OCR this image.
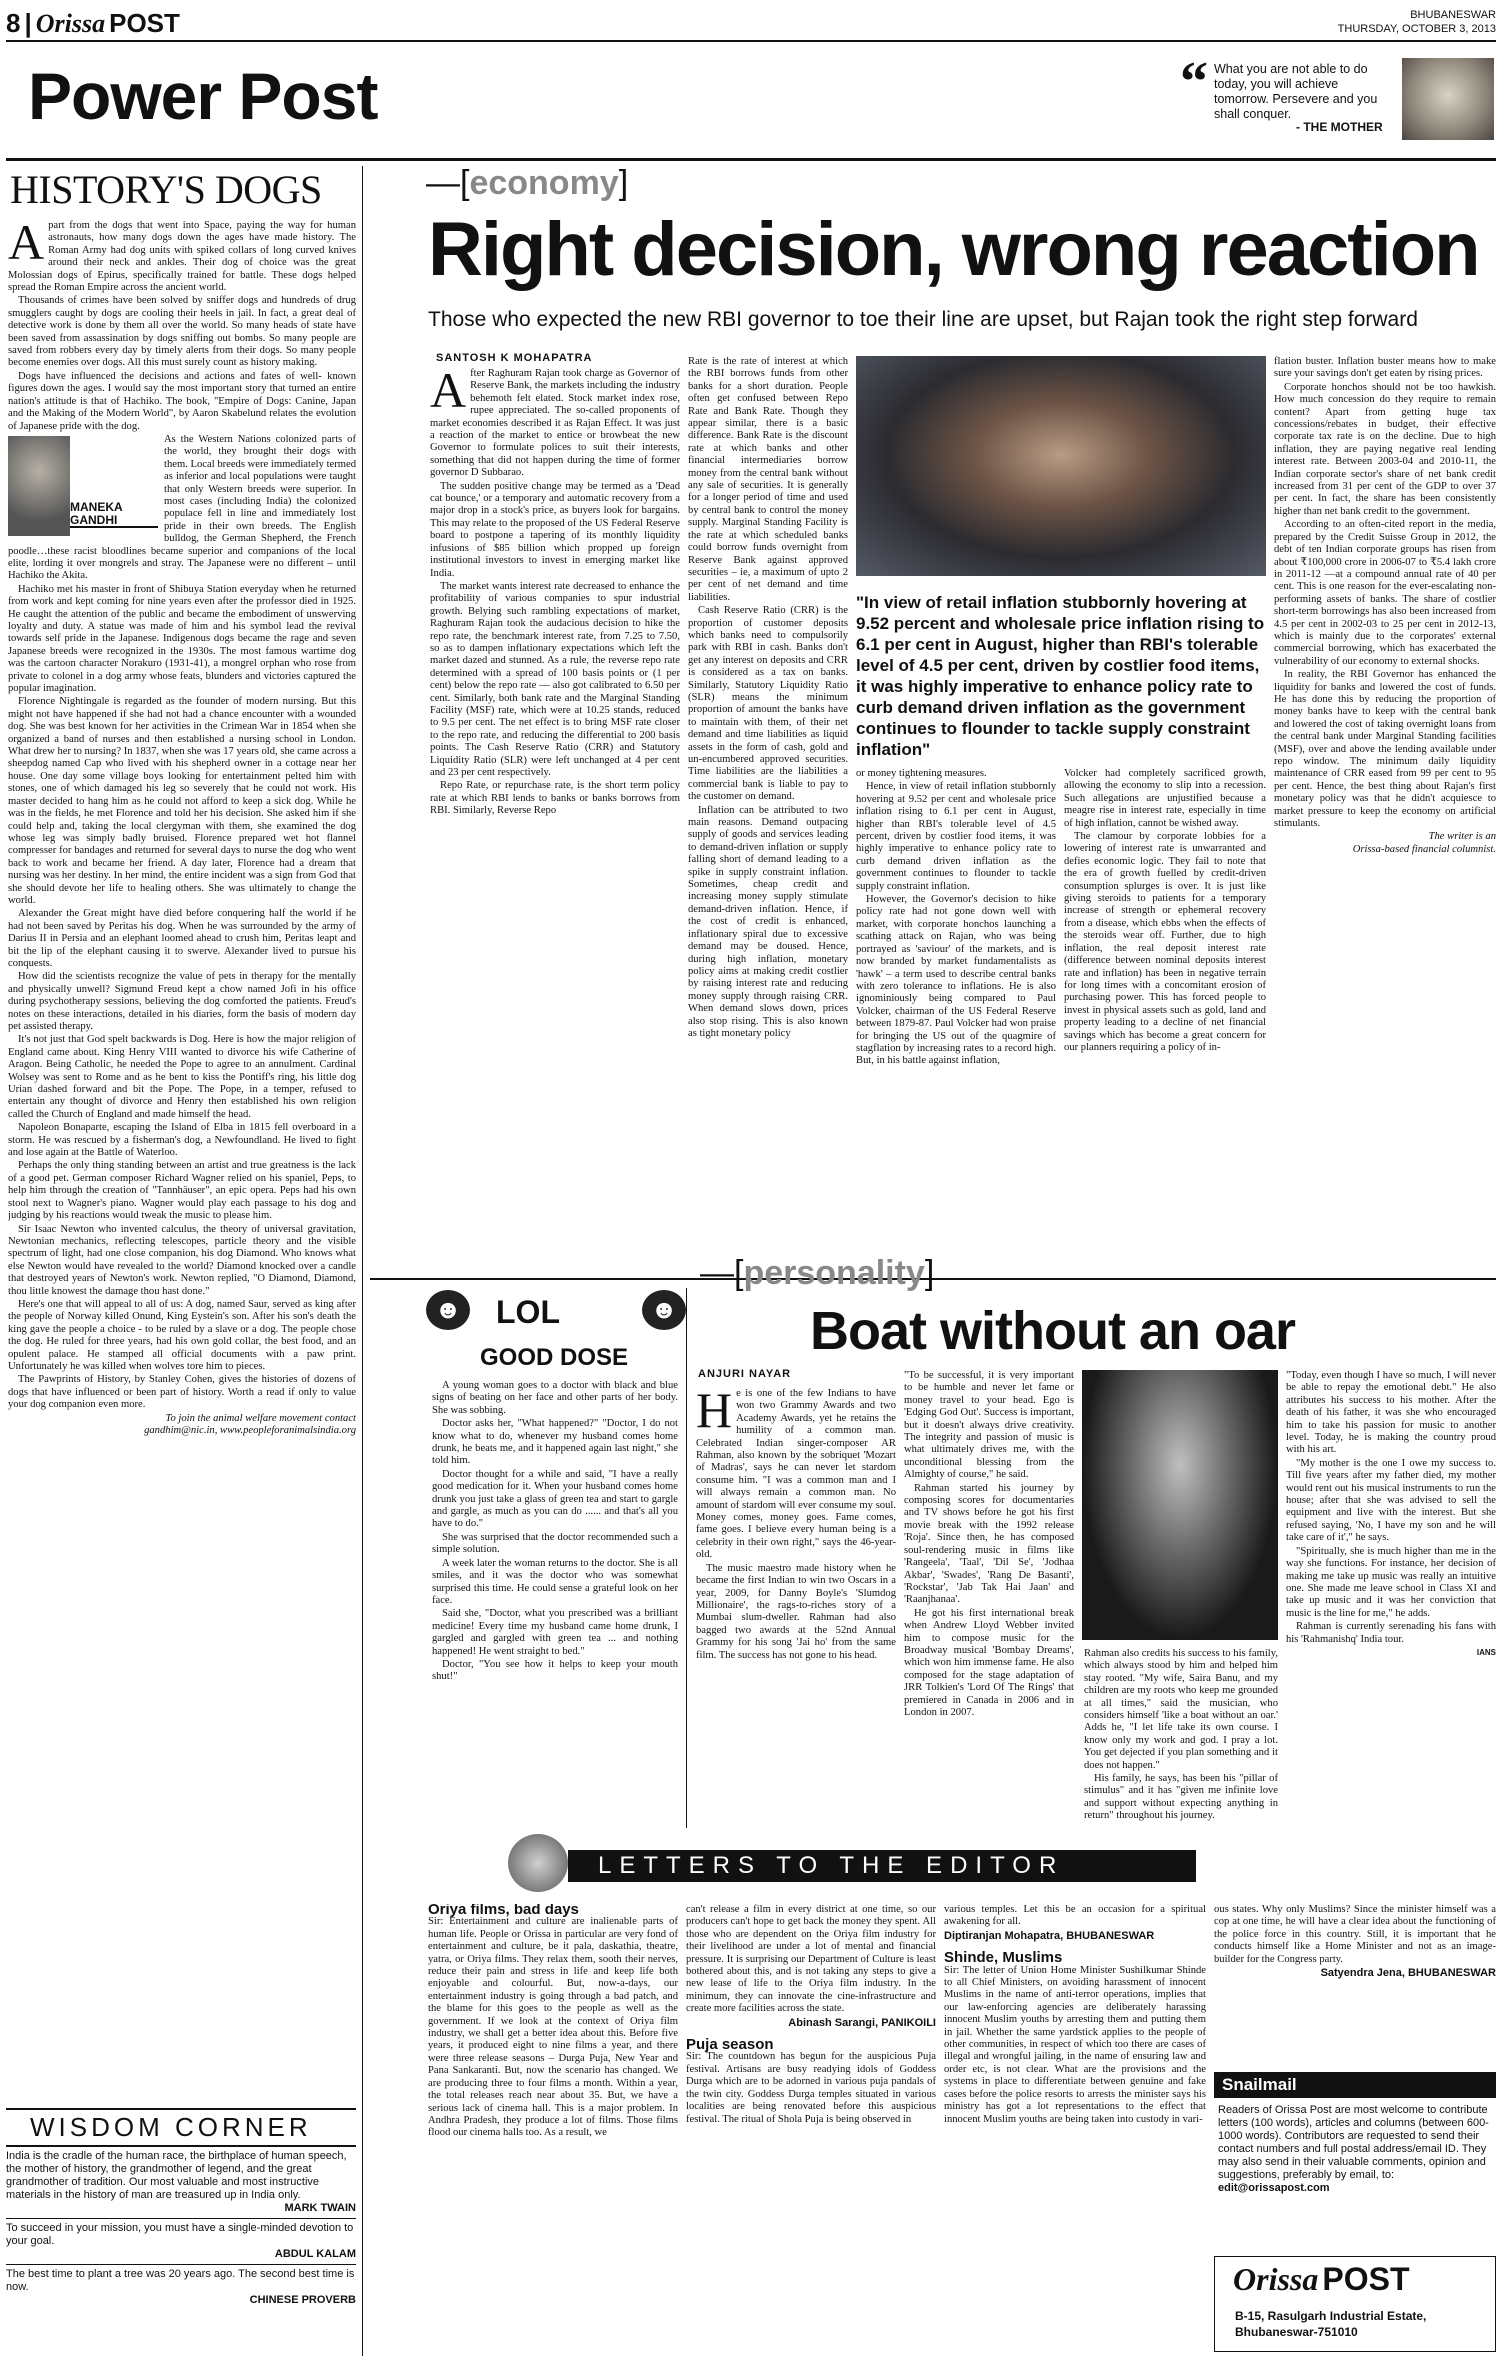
8 | Orissa POST	BHUBANESWAR
THURSDAY, OCTOBER 3, 2013
Power Post	“ What you are not able to do today, you will achieve tomorrow. Persevere and you shall conquer.
- THE MOTHER
HISTORY'S DOGS

Apart from the dogs that went into Space, paying the way for human astronauts, how many dogs down the ages have made history. The Roman Army had dog units with spiked collars of long curved knives around their neck and ankles. Their dog of choice was the great Molossian dogs of Epirus, specifically trained for battle. These dogs helped spread the Roman Empire across the ancient world.

Thousands of crimes have been solved by sniffer dogs and hundreds of drug smugglers caught by dogs are cooling their heels in jail. In fact, a great deal of detective work is done by them all over the world. So many heads of state have been saved from assassination by dogs sniffing out bombs. So many people are saved from robbers every day by timely alerts from their dogs. So many people become enemies over dogs. All this must surely count as history making.

Dogs have influenced the decisions and actions and fates of well- known figures down the ages. I would say the most important story that turned an entire nation's attitude is that of Hachiko. The book, "Empire of Dogs: Canine, Japan and the Making of the Modern World", by Aaron Skabelund relates the evolution of Japanese pride with the dog.

MANEKA GANDHI

As the Western Nations colonized parts of the world, they brought their dogs with them. Local breeds were immediately termed as inferior and local populations were taught that only Western breeds were superior. In most cases (including India) the colonized populace fell in line and immediately lost pride in their own breeds. The English bulldog, the German Shepherd, the French poodle…these racist bloodlines became superior and companions of the local elite, lording it over mongrels and stray. The Japanese were no different – until Hachiko the Akita.

Hachiko met his master in front of Shibuya Station everyday when he returned from work and kept coming for nine years even after the professor died in 1925. He caught the attention of the public and became the embodiment of unswerving loyalty and duty. A statue was made of him and his symbol lead the revival towards self pride in the Japanese. Indigenous dogs became the rage and seven Japanese breeds were recognized in the 1930s. The most famous wartime dog was the cartoon character Norakuro (1931-41), a mongrel orphan who rose from private to colonel in a dog army whose feats, blunders and victories captured the popular imagination.

Florence Nightingale is regarded as the founder of modern nursing. But this might not have happened if she had not had a chance encounter with a wounded dog. She was best known for her activities in the Crimean War in 1854 when she organized a band of nurses and then established a nursing school in London. What drew her to nursing? In 1837, when she was 17 years old, she came across a sheepdog named Cap who lived with his shepherd owner in a cottage near her house. One day some village boys looking for entertainment pelted him with stones, one of which damaged his leg so severely that he could not work. His master decided to hang him as he could not afford to keep a sick dog. While he was in the fields, he met Florence and told her his decision. She asked him if she could help and, taking the local clergyman with them, she examined the dog whose leg was simply badly bruised. Florence prepared wet hot flannel compresser for bandages and returned for several days to nurse the dog who went back to work and became her friend. A day later, Florence had a dream that nursing was her destiny. In her mind, the entire incident was a sign from God that she should devote her life to healing others. She was ultimately to change the world.

Alexander the Great might have died before conquering half the world if he had not been saved by Peritas his dog. When he was surrounded by the army of Darius II in Persia and an elephant loomed ahead to crush him, Peritas leapt and bit the lip of the elephant causing it to swerve. Alexander lived to pursue his conquests.

How did the scientists recognize the value of pets in therapy for the mentally and physically unwell? Sigmund Freud kept a chow named Jofi in his office during psychotherapy sessions, believing the dog comforted the patients. Freud's notes on these interactions, detailed in his diaries, form the basis of modern day pet assisted therapy.

It's not just that God spelt backwards is Dog. Here is how the major religion of England came about. King Henry VIII wanted to divorce his wife Catherine of Aragon. Being Catholic, he needed the Pope to agree to an annulment. Cardinal Wolsey was sent to Rome and as he bent to kiss the Pontiff's ring, his little dog Urian dashed forward and bit the Pope. The Pope, in a temper, refused to entertain any thought of divorce and Henry then established his own religion called the Church of England and made himself the head.

Napoleon Bonaparte, escaping the Island of Elba in 1815 fell overboard in a storm. He was rescued by a fisherman's dog, a Newfoundland. He lived to fight and lose again at the Battle of Waterloo.

Perhaps the only thing standing between an artist and true greatness is the lack of a good pet. German composer Richard Wagner relied on his spaniel, Peps, to help him through the creation of "Tannhäuser", an epic opera. Peps had his own stool next to Wagner's piano. Wagner would play each passage to his dog and judging by his reactions would tweak the music to please him.

Sir Isaac Newton who invented calculus, the theory of universal gravitation, Newtonian mechanics, reflecting telescopes, particle theory and the visible spectrum of light, had one close companion, his dog Diamond. Who knows what else Newton would have revealed to the world? Diamond knocked over a candle that destroyed years of Newton's work. Newton replied, "O Diamond, Diamond, thou little knowest the damage thou hast done."

Here's one that will appeal to all of us: A dog, named Saur, served as king after the people of Norway killed Onund, King Eystein's son. After his son's death the king gave the people a choice - to be ruled by a slave or a dog. The people chose the dog. He ruled for three years, had his own gold collar, the best food, and an opulent palace. He stamped all official documents with a paw print. Unfortunately he was killed when wolves tore him to pieces.

The Pawprints of History, by Stanley Cohen, gives the histories of dozens of dogs that have influenced or been part of history. Worth a read if only to value your dog companion even more.

To join the animal welfare movement contact
gandhim@nic.in, www.peopleforanimalsindia.org
WISDOM CORNER
India is the cradle of the human race, the birthplace of human speech, the mother of history, the grandmother of legend, and the great grandmother of tradition. Our most valuable and most instructive materials in the history of man are treasured up in India only.
MARK TWAIN
To succeed in your mission, you must have a single-minded devotion to your goal.
ABDUL KALAM
The best time to plant a tree was 20 years ago. The second best time is now.
CHINESE PROVERB
—[economy]
Right decision, wrong reaction
Those who expected the new RBI governor to toe their line are upset, but Rajan took the right step forward
SANTOSH K MOHAPATRA

After Raghuram Rajan took charge as Governor of Reserve Bank, the markets including the industry behemoth felt elated. Stock market index rose, rupee appreciated. The so-called proponents of market economies described it as Rajan Effect. It was just a reaction of the market to entice or browbeat the new Governor to formulate polices to suit their interests, something that did not happen during the time of former governor D Subbarao.

The sudden positive change may be termed as a 'Dead cat bounce,' or a temporary and automatic recovery from a major drop in a stock's price, as buyers look for bargains. This may relate to the proposed of the US Federal Reserve board to postpone a tapering of its monthly liquidity infusions of $85 billion which propped up foreign institutional investors to invest in emerging market like India.

The market wants interest rate decreased to enhance the profitability of various companies to spur industrial growth. Belying such rambling expectations of market, Raghuram Rajan took the audacious decision to hike the repo rate, the benchmark interest rate, from 7.25 to 7.50, so as to dampen inflationary expectations which left the market dazed and stunned. As a rule, the reverse repo rate determined with a spread of 100 basis points or (1 per cent) below the repo rate — also got calibrated to 6.50 per cent. Similarly, both bank rate and the Marginal Standing Facility (MSF) rate, which were at 10.25 stands, reduced to 9.5 per cent. The net effect is to bring MSF rate closer to the repo rate, and reducing the differential to 200 basis points. The Cash Reserve Ratio (CRR) and Statutory Liquidity Ratio (SLR) were left unchanged at 4 per cent and 23 per cent respectively.

Repo Rate, or repurchase rate, is the short term policy rate at which RBI lends to banks or banks borrows from RBI. Similarly, Reverse Repo

Rate is the rate of interest at which the RBI borrows funds from other banks for a short duration. People often get confused between Repo Rate and Bank Rate. Though they appear similar, there is a basic difference. Bank Rate is the discount rate at which banks and other financial intermediaries borrow money from the central bank without any sale of securities. It is generally for a longer period of time and used by central bank to control the money supply. Marginal Standing Facility is the rate at which scheduled banks could borrow funds overnight from Reserve Bank against approved securities – ie, a maximum of upto 2 per cent of net demand and time liabilities.

Cash Reserve Ratio (CRR) is the proportion of customer deposits which banks need to compulsorily park with RBI in cash. Banks don't get any interest on deposits and CRR is considered as a tax on banks. Similarly, Statutory Liquidity Ratio (SLR) means the minimum proportion of amount the banks have to maintain with them, of their net demand and time liabilities as liquid assets in the form of cash, gold and un-encumbered approved securities. Time liabilities are the liabilities a commercial bank is liable to pay to the customer on demand.

Inflation can be attributed to two main reasons. Demand outpacing supply of goods and services leading to demand-driven inflation or supply falling short of demand leading to a spike in supply constraint inflation. Sometimes, cheap credit and increasing money supply stimulate demand-driven inflation. Hence, if the cost of credit is enhanced, inflationary spiral due to excessive demand may be doused. Hence, during high inflation, monetary policy aims at making credit costlier by raising interest rate and reducing money supply through raising CRR. When demand slows down, prices also stop rising. This is also known as tight monetary policy

"In view of retail inflation stubbornly hovering at 9.52 percent and wholesale price inflation rising to 6.1 per cent in August, higher than RBI's tolerable level of 4.5 per cent, driven by costlier food items, it was highly imperative to enhance policy rate to curb demand driven inflation as the government continues to flounder to tackle supply constraint inflation"

or money tightening measures.

Hence, in view of retail inflation stubbornly hovering at 9.52 per cent and wholesale price inflation rising to 6.1 per cent in August, higher than RBI's tolerable level of 4.5 percent, driven by costlier food items, it was highly imperative to enhance policy rate to curb demand driven inflation as the government continues to flounder to tackle supply constraint inflation.

However, the Governor's decision to hike policy rate had not gone down well with market, with corporate honchos launching a scathing attack on Rajan, who was being portrayed as 'saviour' of the markets, and is now branded by market fundamentalists as 'hawk' – a term used to describe central banks with zero tolerance to inflations. He is also ignominiously being compared to Paul Volcker, chairman of the US Federal Reserve between 1879-87. Paul Volcker had won praise for bringing the US out of the quagmire of stagflation by increasing rates to a record high. But, in his battle against inflation,

Volcker had completely sacrificed growth, allowing the economy to slip into a recession. Such allegations are unjustified because a meagre rise in interest rate, especially in time of high inflation, cannot be wished away.

The clamour by corporate lobbies for a lowering of interest rate is unwarranted and defies economic logic. They fail to note that the era of growth fuelled by credit-driven consumption splurges is over. It is just like giving steroids to patients for a temporary increase of strength or ephemeral recovery from a disease, which ebbs when the effects of the steroids wear off. Further, due to high inflation, the real deposit interest rate (difference between nominal deposits interest rate and inflation) has been in negative terrain for long times with a concomitant erosion of purchasing power. This has forced people to invest in physical assets such as gold, land and property leading to a decline of net financial savings which has become a great concern for our planners requiring a policy of in-

flation buster. Inflation buster means how to make sure your savings don't get eaten by rising prices.

Corporate honchos should not be too hawkish. How much concession do they require to remain content? Apart from getting huge tax concessions/rebates in budget, their effective corporate tax rate is on the decline. Due to high inflation, they are paying negative real lending interest rate. Between 2003-04 and 2010-11, the Indian corporate sector's share of net bank credit increased from 31 per cent of the GDP to over 37 per cent. In fact, the share has been consistently higher than net bank credit to the government.

According to an often-cited report in the media, prepared by the Credit Suisse Group in 2012, the debt of ten Indian corporate groups has risen from about ₹100,000 crore in 2006-07 to ₹5.4 lakh crore in 2011-12 —at a compound annual rate of 40 per cent. This is one reason for the ever-escalating non-performing assets of banks. The share of costlier short-term borrowings has also been increased from 4.5 per cent in 2002-03 to 25 per cent in 2012-13, which is mainly due to the corporates' external commercial borrowing, which has exacerbated the vulnerability of our economy to external shocks.

In reality, the RBI Governor has enhanced the liquidity for banks and lowered the cost of funds. He has done this by reducing the proportion of money banks have to keep with the central bank and lowered the cost of taking overnight loans from the central bank under Marginal Standing facilities (MSF), over and above the lending available under repo window. The minimum daily liquidity maintenance of CRR eased from 99 per cent to 95 per cent. Hence, the best thing about Rajan's first monetary policy was that he didn't acquiesce to market pressure to keep the economy on artificial stimulants.

The writer is an
Orissa-based financial columnist.
☻ LOL	☻
GOOD DOSE

A young woman goes to a doctor with black and blue signs of beating on her face and other parts of her body. She was sobbing.

Doctor asks her, "What happened?" "Doctor, I do not know what to do, whenever my husband comes home drunk, he beats me, and it happened again last night," she told him.

Doctor thought for a while and said, "I have a really good medication for it. When your husband comes home drunk you just take a glass of green tea and start to gargle and gargle, as much as you can do ...... and that's all you have to do."

She was surprised that the doctor recommended such a simple solution.

A week later the woman returns to the doctor. She is all smiles, and it was the doctor who was somewhat surprised this time. He could sense a grateful look on her face.

Said she, "Doctor, what you prescribed was a brilliant medicine! Every time my husband came home drunk, I gargled and gargled with green tea ... and nothing happened! He went straight to bed."

Doctor, "You see how it helps to keep your mouth shut!"

—[personality]
Boat without an oar
ANJURI NAYAR

He is one of the few Indians to have won two Grammy Awards and two Academy Awards, yet he retains the humility of a common man. Celebrated Indian singer-composer AR Rahman, also known by the sobriquet 'Mozart of Madras', says he can never let stardom consume him. "I was a common man and I will always remain a common man. No amount of stardom will ever consume my soul. Money comes, money goes. Fame comes, fame goes. I believe every human being is a celebrity in their own right," says the 46-year-old.

The music maestro made history when he became the first Indian to win two Oscars in a year, 2009, for Danny Boyle's 'Slumdog Millionaire', the rags-to-riches story of a Mumbai slum-dweller. Rahman had also bagged two awards at the 52nd Annual Grammy for his song 'Jai ho' from the same film. The success has not gone to his head.

"To be successful, it is very important to be humble and never let fame or money travel to your head. Ego is 'Edging God Out'. Success is important, but it doesn't always drive creativity. The integrity and passion of music is what ultimately drives me, with the unconditional blessing from the Almighty of course," he said.

Rahman started his journey by composing scores for documentaries and TV shows before he got his first movie break with the 1992 release 'Roja'. Since then, he has composed soul-rendering music in films like 'Rangeela', 'Taal', 'Dil Se', 'Jodhaa Akbar', 'Swades', 'Rang De Basanti', 'Rockstar', 'Jab Tak Hai Jaan' and 'Raanjhanaa'.

He got his first international break when Andrew Lloyd Webber invited him to compose music for the Broadway musical 'Bombay Dreams', which won him immense fame. He also composed for the stage adaptation of JRR Tolkien's 'Lord Of The Rings' that premiered in Canada in 2006 and in London in 2007.

Rahman also credits his success to his family, which always stood by him and helped him stay rooted. "My wife, Saira Banu, and my children are my roots who keep me grounded at all times," said the musician, who considers himself 'like a boat without an oar.' Adds he, "I let life take its own course. I know only my work and god. I pray a lot. You get dejected if you plan something and it does not happen."

His family, he says, has been his "pillar of stimulus" and it has "given me infinite love and support without expecting anything in return" throughout his journey.

"Today, even though I have so much, I will never be able to repay the emotional debt." He also attributes his success to his mother. After the death of his father, it was she who encouraged him to take his passion for music to another level. Today, he is making the country proud with his art.

"My mother is the one I owe my success to. Till five years after my father died, my mother would rent out his musical instruments to run the house; after that she was advised to sell the equipment and live with the interest. But she refused saying, 'No, I have my son and he will take care of it'," he says.

"Spiritually, she is much higher than me in the way she functions. For instance, her decision of making me take up music was really an intuitive one. She made me leave school in Class XI and take up music and it was her conviction that music is the line for me," he adds.

Rahman is currently serenading his fans with his 'Rahmanishq' India tour.

IANS
LETTERS TO THE EDITOR
Oriya films, bad days

Sir: Entertainment and culture are inalienable parts of human life. People or Orissa in particular are very fond of entertainment and culture, be it pala, daskathia, theatre, yatra, or Oriya films. They relax them, sooth their nerves, reduce their pain and stress in life and keep life both enjoyable and colourful. But, now-a-days, our entertainment industry is going through a bad patch, and the blame for this goes to the people as well as the government. If we look at the context of Oriya film industry, we shall get a better idea about this. Before five years, it produced eight to nine films a year, and there were three release seasons – Durga Puja, New Year and Pana Sankaranti. But, now the scenario has changed. We are producing three to four films a month. Within a year, the total releases reach near about 35. But, we have a serious lack of cinema hall. This is a major problem. In Andhra Pradesh, they produce a lot of films. Those films flood our cinema halls too. As a result, we

can't release a film in every district at one time, so our producers can't hope to get back the money they spent. All those who are dependent on the Oriya film industry for their livelihood are under a lot of mental and financial pressure. It is surprising our Department of Culture is least bothered about this, and is not taking any steps to give a new lease of life to the Oriya film industry. In the minimum, they can innovate the cine-infrastructure and create more facilities across the state.

Abinash Sarangi, PANIKOILI
Puja season

Sir: The countdown has begun for the auspicious Puja festival. Artisans are busy readying idols of Goddess Durga which are to be adorned in various puja pandals of the twin city. Goddess Durga temples situated in various localities are being renovated before this auspicious festival. The ritual of Shola Puja is being observed in

various temples. Let this be an occasion for a spiritual awakening for all.

Diptiranjan Mohapatra, BHUBANESWAR
Shinde, Muslims

Sir: The letter of Union Home Minister Sushilkumar Shinde to all Chief Ministers, on avoiding harassment of innocent Muslims in the name of anti-terror operations, implies that our law-enforcing agencies are deliberately harassing innocent Muslim youths by arresting them and putting them in jail. Whether the same yardstick applies to the people of other communities, in respect of which too there are cases of illegal and wrongful jailing, in the name of ensuring law and order etc, is not clear. What are the provisions and the systems in place to differentiate between genuine and fake cases before the police resorts to arrests the minister says his ministry has got a lot representations to the effect that innocent Muslim youths are being taken into custody in vari-

ous states. Why only Muslims? Since the minister himself was a cop at one time, he will have a clear idea about the functioning of the police force in this country. Still, it is important that he conducts himself like a Home Minister and not as an image-builder for the Congress party.

Satyendra Jena, BHUBANESWAR
Snailmail
Readers of Orissa Post are most welcome to contribute letters (100 words), articles and columns (between 600-1000 words). Contributors are requested to send their contact numbers and full postal address/email ID. They may also send in their valuable comments, opinion and suggestions, preferably by email, to: edit@orissapost.com
Orissa POST
B-15, Rasulgarh Industrial Estate,
Bhubaneswar-751010
